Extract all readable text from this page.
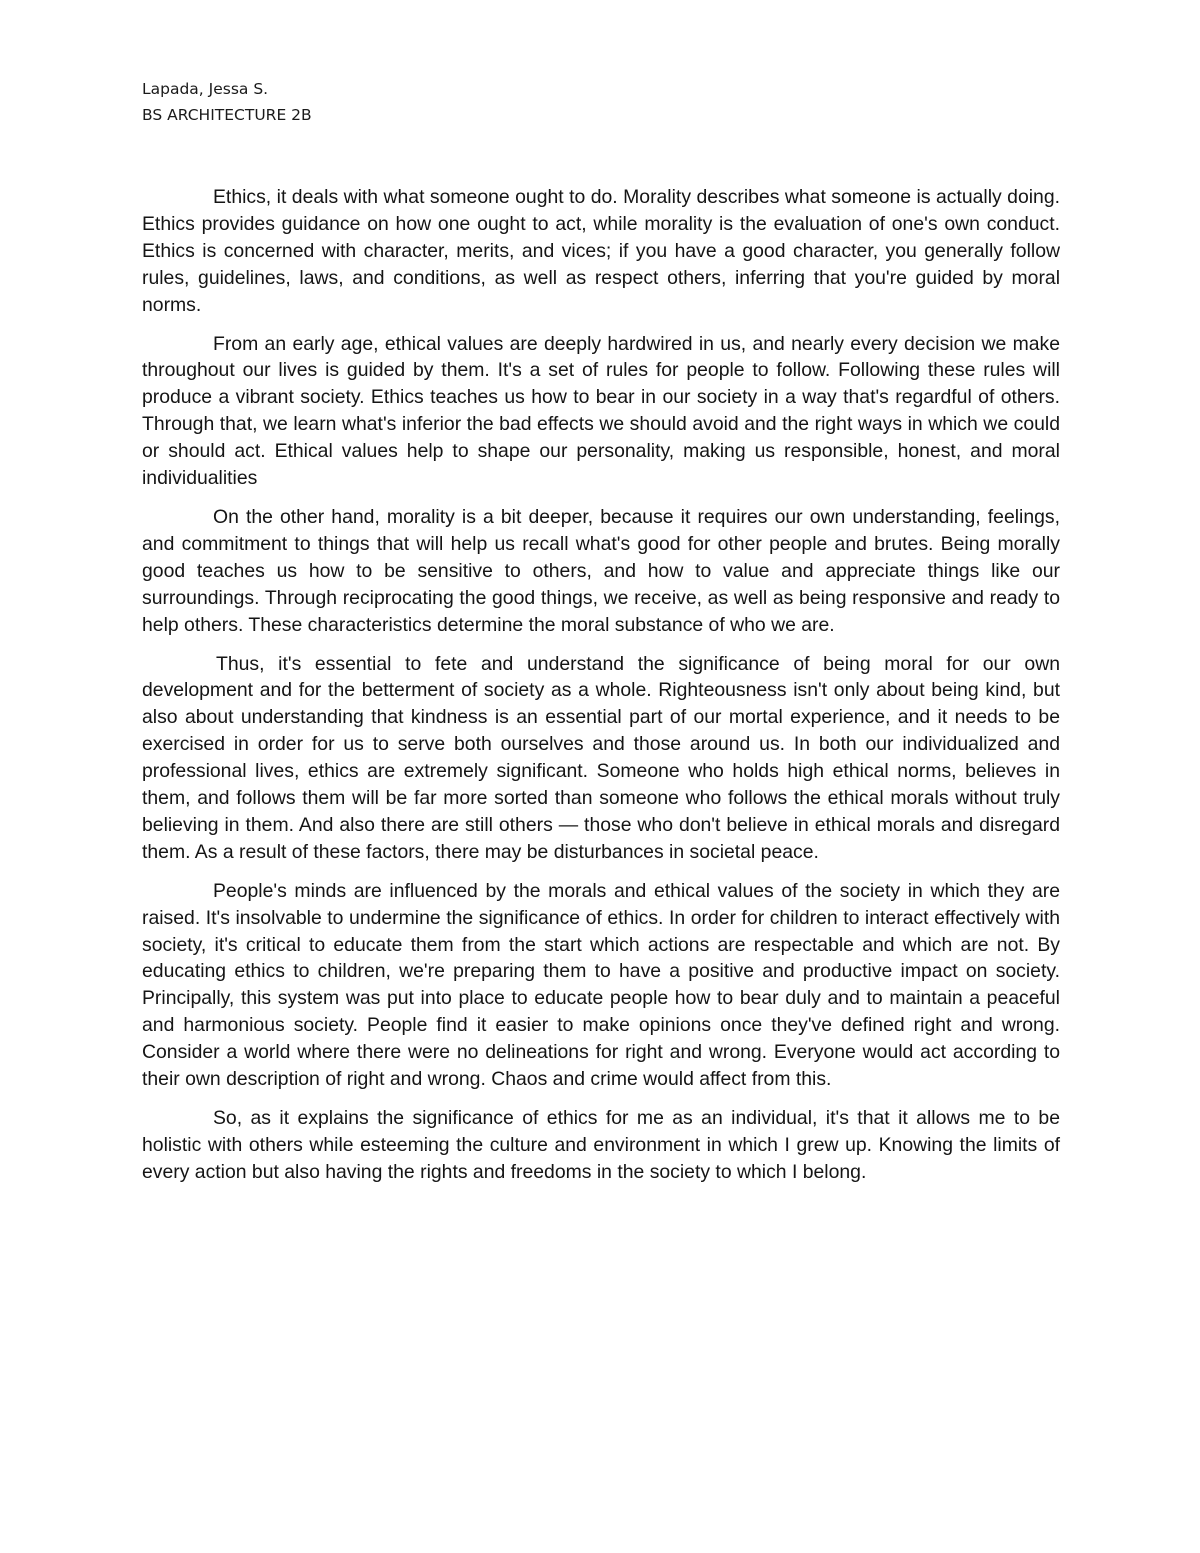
Lapada, Jessa S.
BS ARCHITECTURE 2B

Ethics, it deals with what someone ought to do. Morality describes what someone is actually doing. Ethics provides guidance on how one ought to act, while morality is the evaluation of one's own conduct. Ethics is concerned with character, merits, and vices; if you have a good character, you generally follow rules, guidelines, laws, and conditions, as well as respect others, inferring that you're guided by moral norms.

From an early age, ethical values are deeply hardwired in us, and nearly every decision we make throughout our lives is guided by them. It's a set of rules for people to follow. Following these rules will produce a vibrant society. Ethics teaches us how to bear in our society in a way that's regardful of others. Through that, we learn what's inferior the bad effects we should avoid and the right ways in which we could or should act. Ethical values help to shape our personality, making us responsible, honest, and moral individualities

On the other hand, morality is a bit deeper, because it requires our own understanding, feelings, and commitment to things that will help us recall what's good for other people and brutes. Being morally good teaches us how to be sensitive to others, and how to value and appreciate things like our surroundings. Through reciprocating the good things, we receive, as well as being responsive and ready to help others. These characteristics determine the moral substance of who we are.

Thus, it's essential to fete and understand the significance of being moral for our own development and for the betterment of society as a whole. Righteousness isn't only about being kind, but also about understanding that kindness is an essential part of our mortal experience, and it needs to be exercised in order for us to serve both ourselves and those around us. In both our individualized and professional lives, ethics are extremely significant. Someone who holds high ethical norms, believes in them, and follows them will be far more sorted than someone who follows the ethical morals without truly believing in them. And also there are still others — those who don't believe in ethical morals and disregard them. As a result of these factors, there may be disturbances in societal peace.

People's minds are influenced by the morals and ethical values of the society in which they are raised. It's insolvable to undermine the significance of ethics. In order for children to interact effectively with society, it's critical to educate them from the start which actions are respectable and which are not. By educating ethics to children, we're preparing them to have a positive and productive impact on society. Principally, this system was put into place to educate people how to bear duly and to maintain a peaceful and harmonious society. People find it easier to make opinions once they've defined right and wrong. Consider a world where there were no delineations for right and wrong. Everyone would act according to their own description of right and wrong. Chaos and crime would affect from this.

So, as it explains the significance of ethics for me as an individual, it's that it allows me to be holistic with others while esteeming the culture and environment in which I grew up. Knowing the limits of every action but also having the rights and freedoms in the society to which I belong.
